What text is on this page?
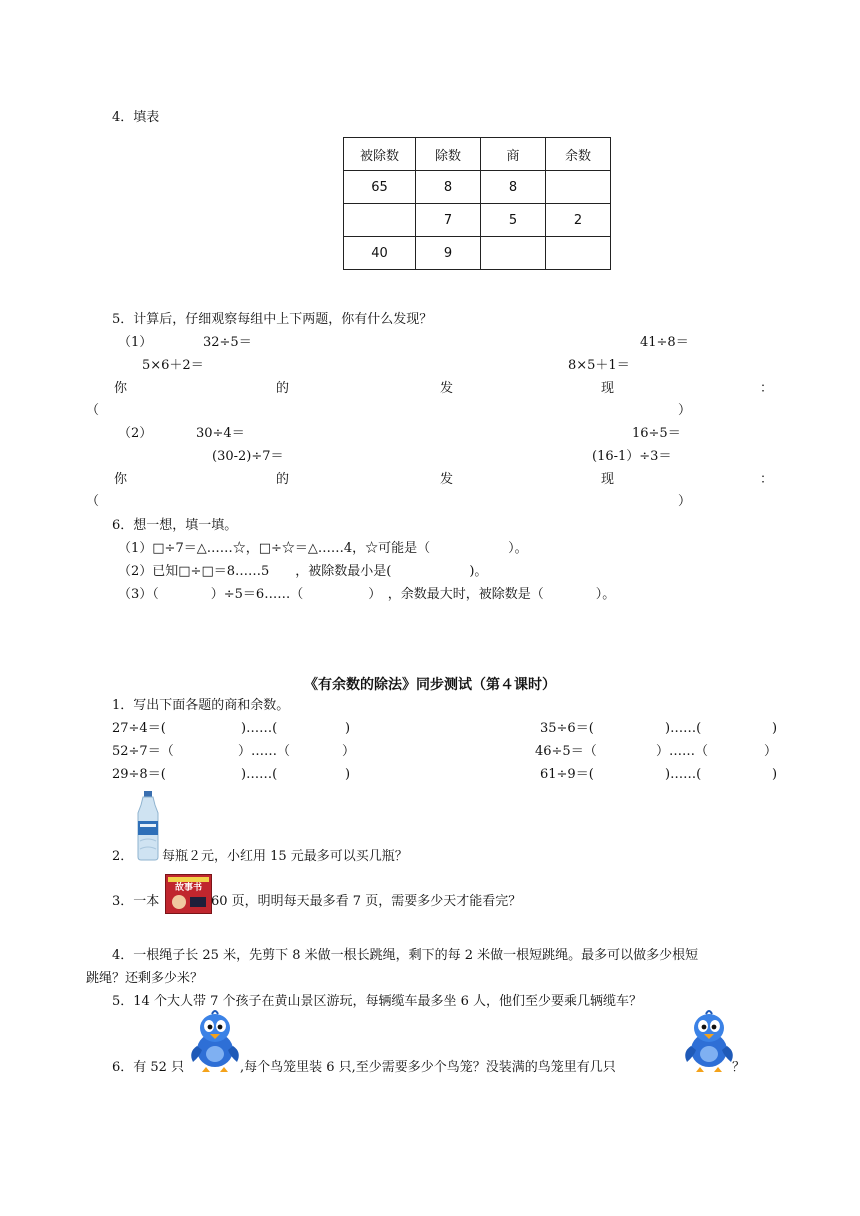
4．填表
被除数	除数	商	余数
65	8	8	
	7	5	2
40	9		
5．计算后，仔细观察每组中上下两题，你有什么发现？
（1）	32÷5＝	41÷8＝
5×6＋2＝	8×5＋1＝
你	的	发	现	：
（	）
（2）	30÷4＝	16÷5＝
(30-2)÷7＝	(16-1）÷3＝
你	的	发	现	：
（	）
6．想一想，填一填。
（1）□÷7＝△……☆，□÷☆＝△……4，☆可能是（　　　　　　）。
（2）已知□÷□＝8……5　　，被除数最小是(　　　　　　)。
（3）（　　　　）÷5＝6……（　　　　　）　，余数最大时，被除数是（　　　　）。
《有余数的除法》同步测试（第４课时）
1．写出下面各题的商和余数。
27÷4＝(	)……(	)	35÷6＝(	)……(	)
52÷7＝（	）……（	）	46÷5＝（	）……（	）
29÷8＝(	)……(	)	61÷9＝(	)……(	)
2． 每瓶２元，小红用 15 元最多可以买几瓶？
3．一本
故事书
60 页，明明每天最多看 7 页，需要多少天才能看完？
4．一根绳子长 25 米，先剪下 8 米做一根长跳绳，剩下的每 2 米做一根短跳绳。最多可以做多少根短
跳绳？还剩多少米？
5．14 个大人带 7 个孩子在黄山景区游玩，每辆缆车最多坐 6 人，他们至少要乘几辆缆车？
6．有 52 只	,每个鸟笼里装 6 只,至少需要多少个鸟笼？没装满的鸟笼里有几只	？
